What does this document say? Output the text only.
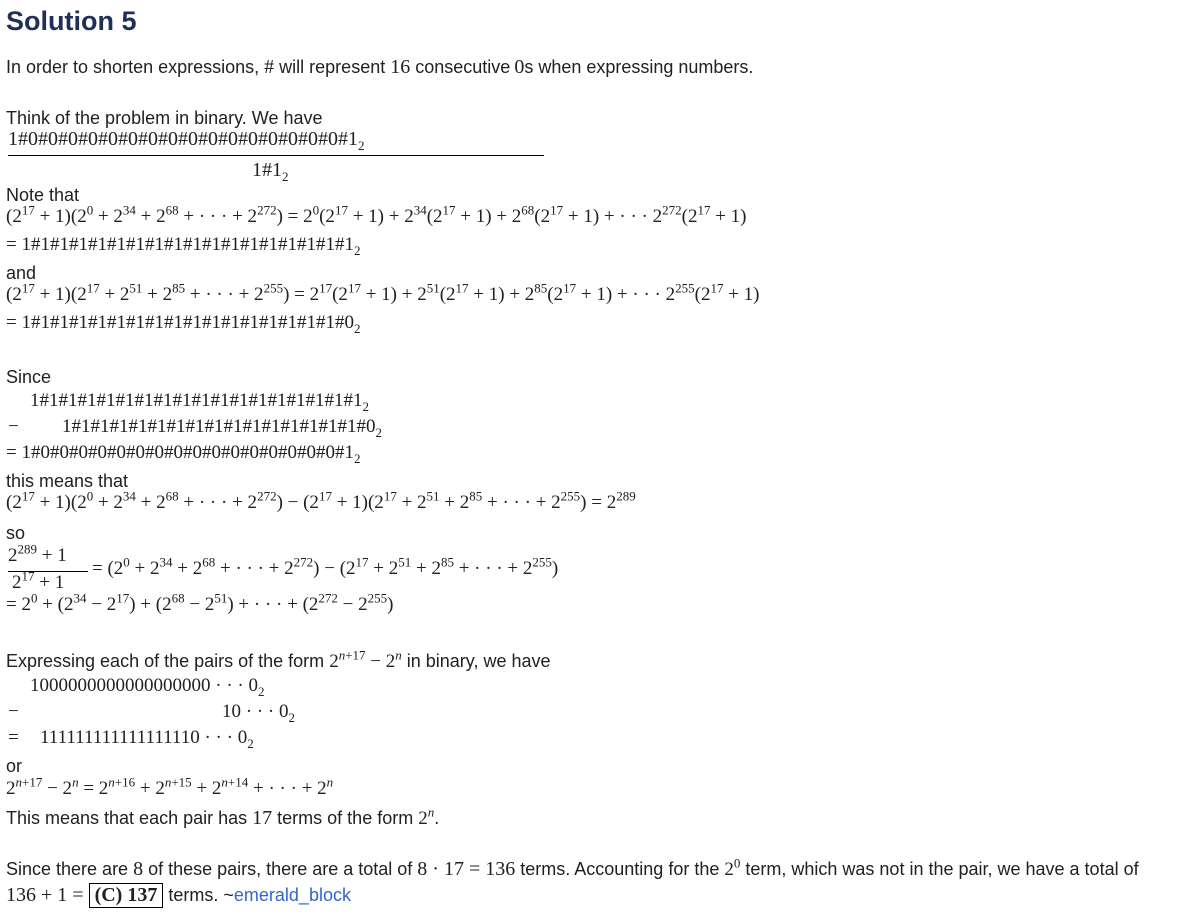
Solution 5
In order to shorten expressions, # will represent 16 consecutive 0s when expressing numbers.
Think of the problem in binary. We have
$1\#0\#0\#0\#0\#0\#0\#0\#0\#0\#0\#0\#0\#0\#0\#0\#0\#1_2$
$1\#1_2$
Note that
$(2^{17} + 1)(2^0 + 2^{34} + 2^{68}$ + · · · + $2^{272}) = 2^0(2^{17} + 1) + 2^{34}(2^{17} + 1) + 2^{68}(2^{17} + 1)$ + · · · $2^{272}(2^{17} + 1)$
= $1\#1\#1\#1\#1\#1\#1\#1\#1\#1\#1\#1\#1\#1\#1\#1\#1\#1_2$
and
$(2^{17} + 1)(2^{17} + 2^{51} + 2^{85}$ + · · · + $2^{255}) = 2^{17}(2^{17} + 1) + 2^{51}(2^{17} + 1) + 2^{85}(2^{17} + 1)$ + · · · $2^{255}(2^{17} + 1)$
= $1\#1\#1\#1\#1\#1\#1\#1\#1\#1\#1\#1\#1\#1\#1\#1\#1\#0_2$
Since
$1\#1\#1\#1\#1\#1\#1\#1\#1\#1\#1\#1\#1\#1\#1\#1\#1\#1_2$
− $1\#1\#1\#1\#1\#1\#1\#1\#1\#1\#1\#1\#1\#1\#1\#1\#0_2$
= $1\#0\#0\#0\#0\#0\#0\#0\#0\#0\#0\#0\#0\#0\#0\#0\#0\#1_2$
this means that
$(2^{17} + 1)(2^0 + 2^{34} + 2^{68}$ + · · · + $2^{272}) - (2^{17} + 1)(2^{17} + 2^{51} + 2^{85}$ + · · · + $2^{255}) = 2^{289}$
so
$2^{289} + 1$
$2^{17} + 1$
= ($2^0 + 2^{34} + 2^{68}$ + · · · + $2^{272}) - (2^{17} + 2^{51} + 2^{85}$ + · · · + $2^{255}$)
= $2^0 + (2^{34} - 2^{17}) + (2^{68} - 2^{51})$ + · · · + $(2^{272} - 2^{255})$
Expressing each of the pairs of the form $2^{n+17} - 2^n$ in binary, we have
1000000000000000000 · · · $0_2$
−	10 · · · $0_2$
= 111111111111111110 · · · $0_2$
or
$2^{n+17} - 2^n = 2^{n+16} + 2^{n+15} + 2^{n+14}$ + · · · + $2^n$
This means that each pair has 17 terms of the form 2$^n$.
Since there are 8 of these pairs, there are a total of 8 · 17 = 136 terms. Accounting for the $2^0$ term, which was not in the pair, we have a total of
136 + 1 = (C) 137 terms. ~emerald_block
